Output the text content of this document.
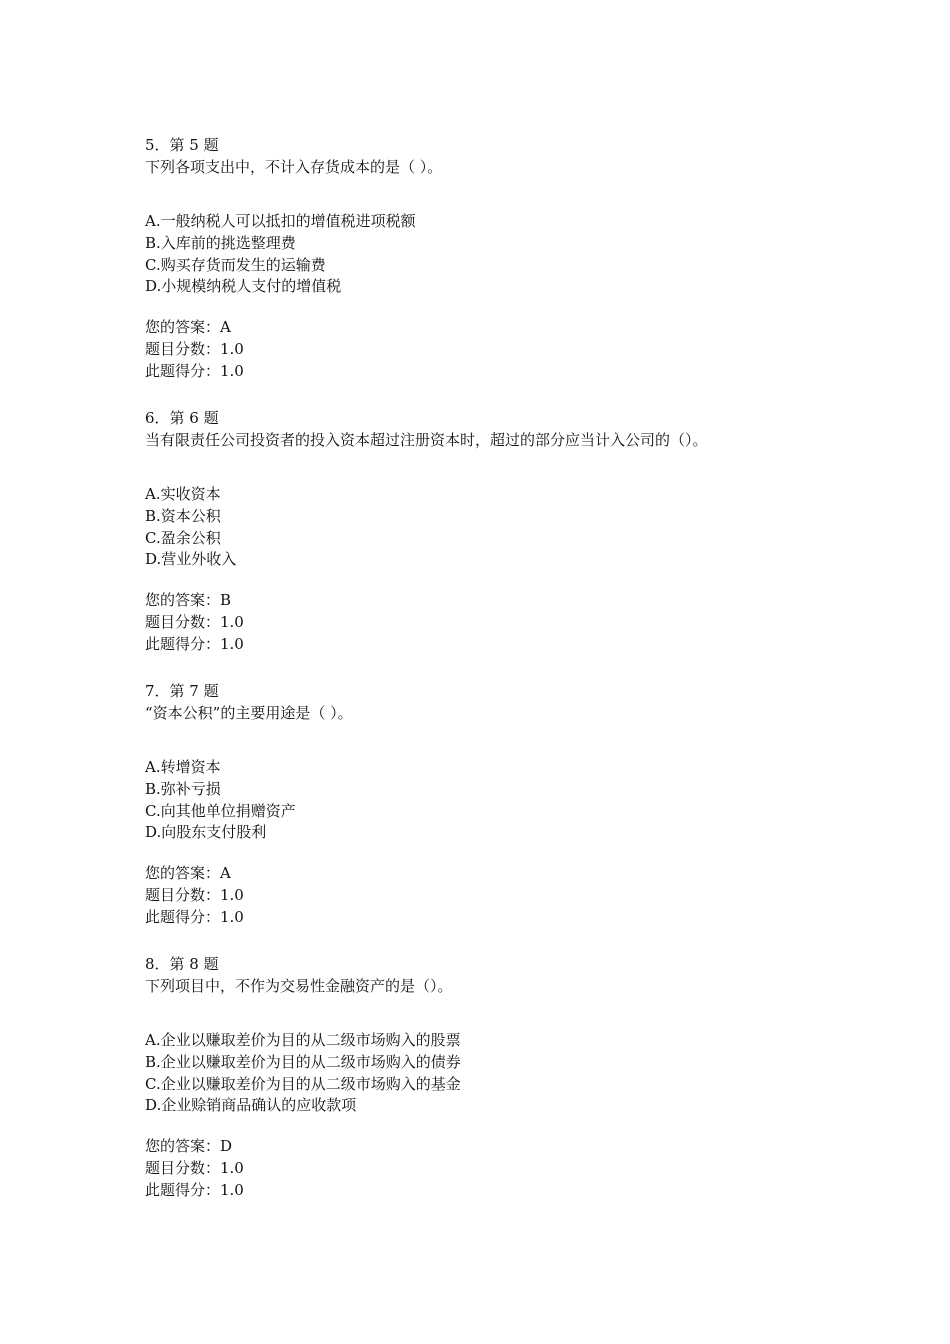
5．第 5 题
下列各项支出中，不计入存货成本的是（ ）。
A.一般纳税人可以抵扣的增值税进项税额
B.入库前的挑选整理费
C.购买存货而发生的运输费
D.小规模纳税人支付的增值税
您的答案：A
题目分数：1.0
此题得分：1.0
6．第 6 题
当有限责任公司投资者的投入资本超过注册资本时，超过的部分应当计入公司的（）。
A.实收资本
B.资本公积
C.盈余公积
D.营业外收入
您的答案：B
题目分数：1.0
此题得分：1.0
7．第 7 题
“资本公积”的主要用途是（ ）。
A.转增资本
B.弥补亏损
C.向其他单位捐赠资产
D.向股东支付股利
您的答案：A
题目分数：1.0
此题得分：1.0
8．第 8 题
下列项目中，不作为交易性金融资产的是（）。
A.企业以赚取差价为目的从二级市场购入的股票
B.企业以赚取差价为目的从二级市场购入的债券
C.企业以赚取差价为目的从二级市场购入的基金
D.企业赊销商品确认的应收款项
您的答案：D
题目分数：1.0
此题得分：1.0
